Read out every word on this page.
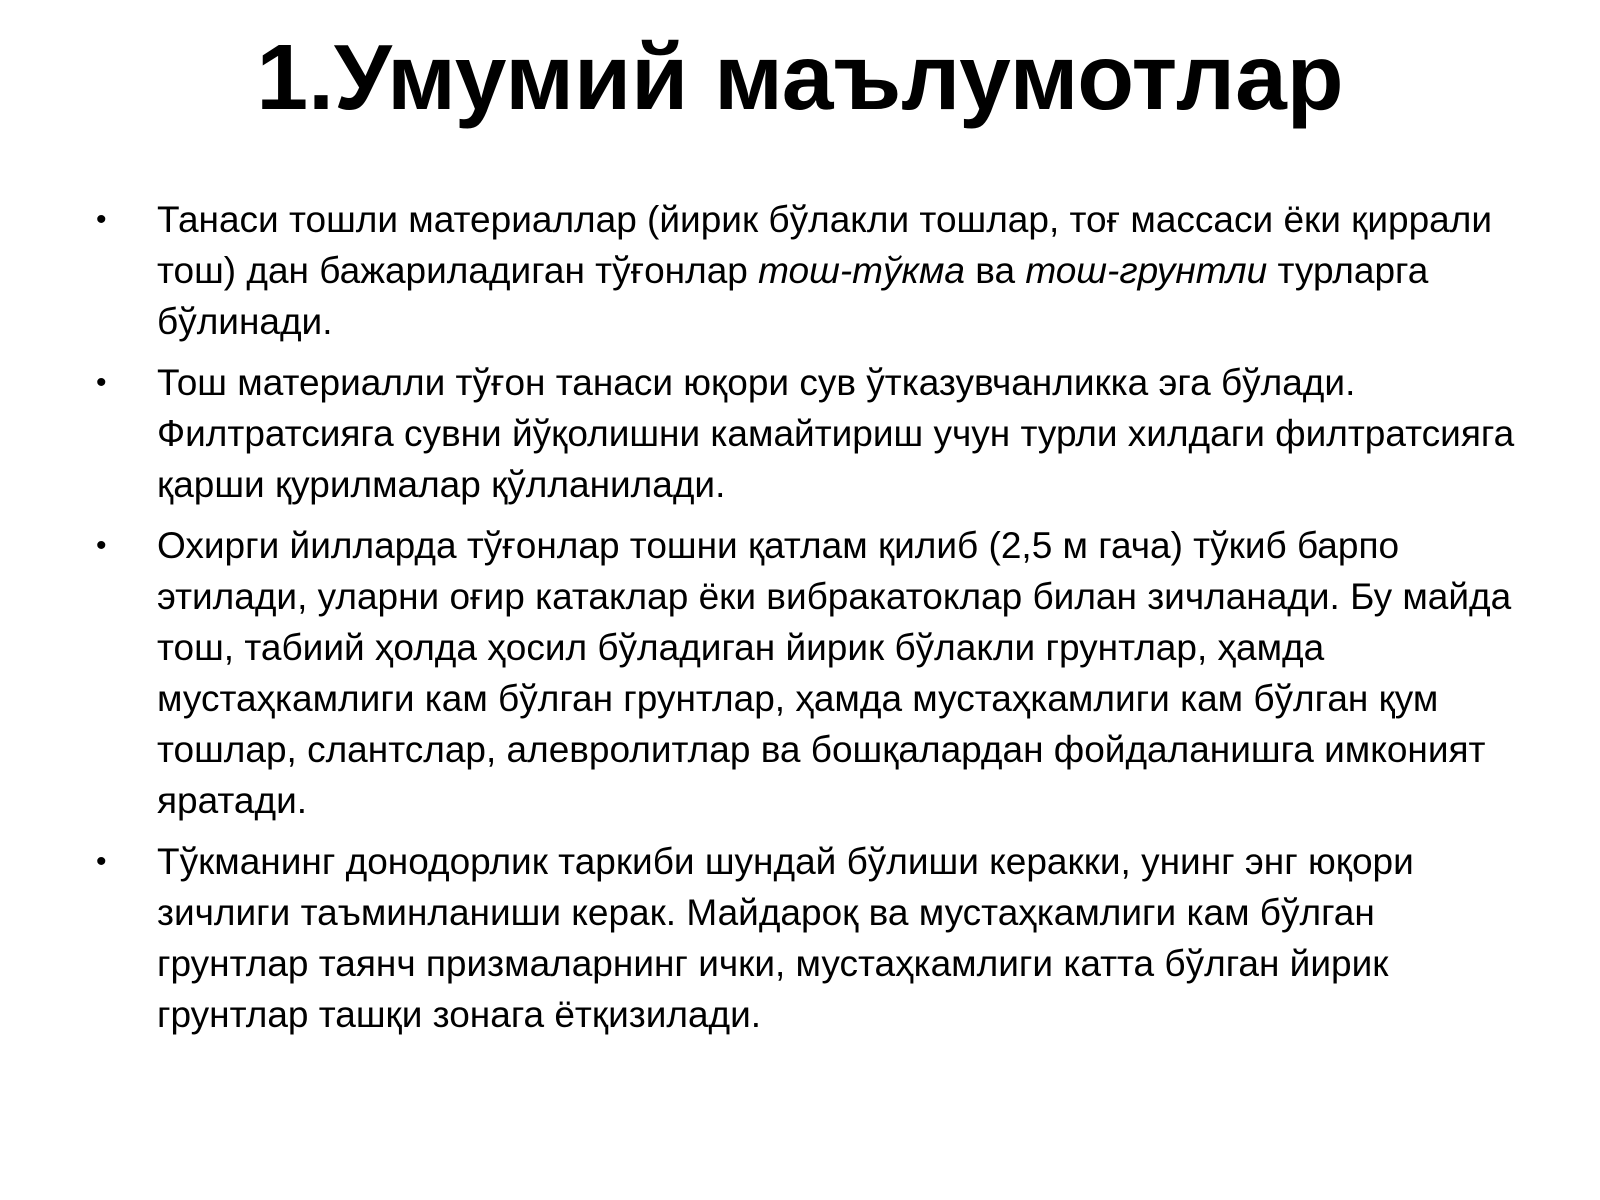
1.Умумий маълумотлар
• Танаси тошли материаллар (йирик бўлакли тошлар, тоғ массаси ёки қиррали тош) дан бажариладиган тўғонлар тош-тўкма ва тош-грунтли турларга бўлинади.
• Тош материалли тўғон танаси юқори сув ўтказувчанликка эга бўлади. Филтратсияга сувни йўқолишни камайтириш учун турли хилдаги филтратсияга қарши қурилмалар қўлланилади.
• Охирги йилларда тўғонлар тошни қатлам қилиб (2,5 м гача) тўкиб барпо этилади, уларни оғир катаклар ёки вибракатоклар билан зичланади. Бу майда тош, табиий ҳолда ҳосил бўладиган йирик бўлакли грунтлар, ҳамда мустаҳкамлиги кам бўлган грунтлар, ҳамда мустаҳкамлиги кам бўлган қум тошлар, слантслар, алевролитлар ва бошқалардан фойдаланишга имконият яратади.
• Тўкманинг донодорлик таркиби шундай бўлиши керакки, унинг энг юқори зичлиги таъминланиши керак. Майдароқ ва мустаҳкамлиги кам бўлган грунтлар таянч призмаларнинг ички, мустаҳкамлиги катта бўлган йирик грунтлар ташқи зонага ётқизилади.
